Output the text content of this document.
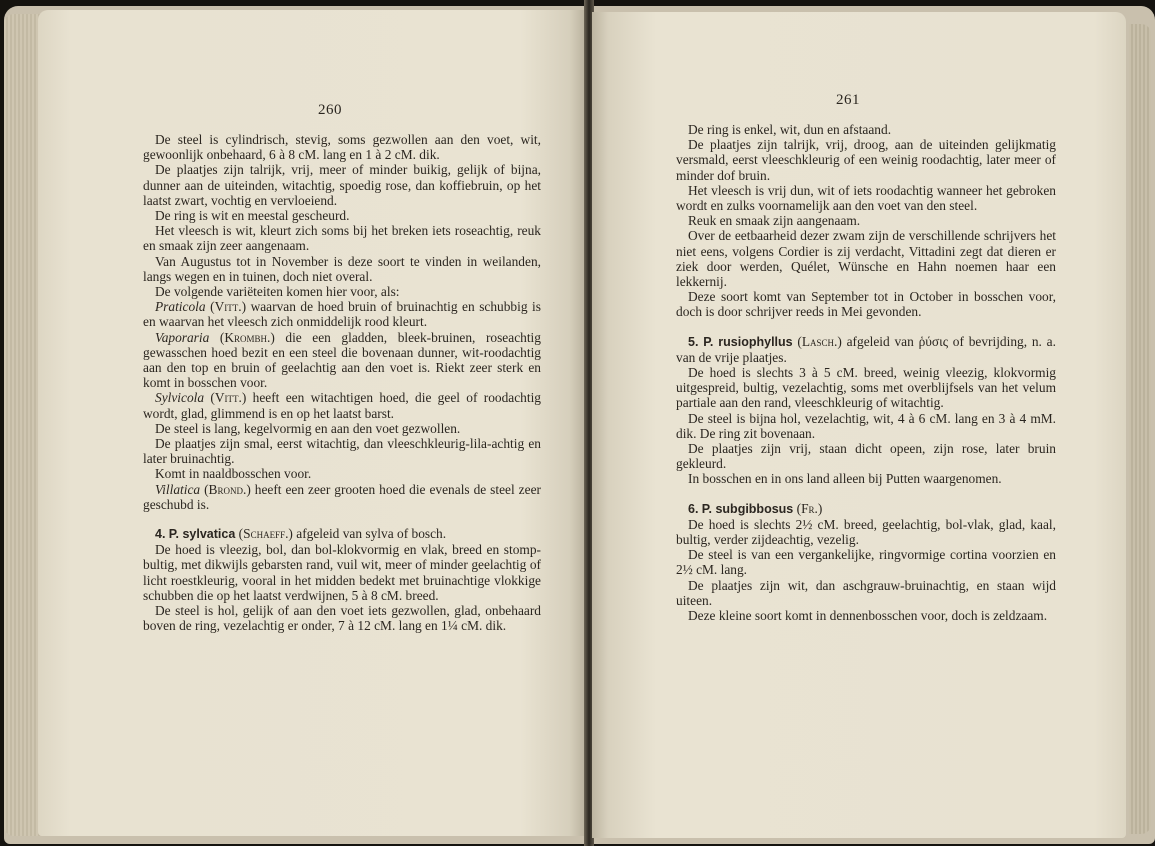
260

De steel is cylindrisch, stevig, soms gezwollen aan den voet, wit, gewoonlijk onbehaard, 6 à 8 cM. lang en 1 à 2 cM. dik.

De plaatjes zijn talrijk, vrij, meer of minder buikig, gelijk of bijna, dunner aan de uiteinden, witachtig, spoedig rose, dan koffiebruin, op het laatst zwart, vochtig en vervloeiend.

De ring is wit en meestal gescheurd.

Het vleesch is wit, kleurt zich soms bij het breken iets roseachtig, reuk en smaak zijn zeer aangenaam.

Van Augustus tot in November is deze soort te vinden in weilanden, langs wegen en in tuinen, doch niet overal.

De volgende variëteiten komen hier voor, als:

Praticola (Vitt.) waarvan de hoed bruin of bruinachtig en schubbig is en waarvan het vleesch zich onmiddelijk rood kleurt.

Vaporaria (Krombh.) die een gladden, bleek-bruinen, roseachtig gewasschen hoed bezit en een steel die bovenaan dunner, wit-roodachtig aan den top en bruin of geelachtig aan den voet is. Riekt zeer sterk en komt in bosschen voor.

Sylvicola (Vitt.) heeft een witachtigen hoed, die geel of roodachtig wordt, glad, glimmend is en op het laatst barst.

De steel is lang, kegelvormig en aan den voet gezwollen.

De plaatjes zijn smal, eerst witachtig, dan vleeschkleurig-lila-achtig en later bruinachtig.

Komt in naaldbosschen voor.

Villatica (Brond.) heeft een zeer grooten hoed die evenals de steel zeer geschubd is.

4. P. sylvatica (Schaeff.) afgeleid van sylva of bosch.

De hoed is vleezig, bol, dan bol-klokvormig en vlak, breed en stomp-bultig, met dikwijls gebarsten rand, vuil wit, meer of minder geelachtig of licht roestkleurig, vooral in het midden bedekt met bruinachtige vlokkige schubben die op het laatst verdwijnen, 5 à 8 cM. breed.

De steel is hol, gelijk of aan den voet iets gezwollen, glad, onbehaard boven de ring, vezelachtig er onder, 7 à 12 cM. lang en 1¼ cM. dik.

261

De ring is enkel, wit, dun en afstaand.

De plaatjes zijn talrijk, vrij, droog, aan de uiteinden gelijkmatig versmald, eerst vleeschkleurig of een weinig roodachtig, later meer of minder dof bruin.

Het vleesch is vrij dun, wit of iets roodachtig wanneer het gebroken wordt en zulks voornamelijk aan den voet van den steel.

Reuk en smaak zijn aangenaam.

Over de eetbaarheid dezer zwam zijn de verschillende schrijvers het niet eens, volgens Cordier is zij verdacht, Vittadini zegt dat dieren er ziek door werden, Quélet, Wünsche en Hahn noemen haar een lekkernij.

Deze soort komt van September tot in October in bosschen voor, doch is door schrijver reeds in Mei gevonden.

5. P. rusiophyllus (Lasch.) afgeleid van ῥύσις of bevrijding, n. a. van de vrije plaatjes.

De hoed is slechts 3 à 5 cM. breed, weinig vleezig, klokvormig uitgespreid, bultig, vezelachtig, soms met overblijfsels van het velum partiale aan den rand, vleeschkleurig of witachtig.

De steel is bijna hol, vezelachtig, wit, 4 à 6 cM. lang en 3 à 4 mM. dik. De ring zit bovenaan.

De plaatjes zijn vrij, staan dicht opeen, zijn rose, later bruin gekleurd.

In bosschen en in ons land alleen bij Putten waargenomen.

6. P. subgibbosus (Fr.)

De hoed is slechts 2½ cM. breed, geelachtig, bol-vlak, glad, kaal, bultig, verder zijdeachtig, vezelig.

De steel is van een vergankelijke, ringvormige cortina voorzien en 2½ cM. lang.

De plaatjes zijn wit, dan aschgrauw-bruinachtig, en staan wijd uiteen.

Deze kleine soort komt in dennenbosschen voor, doch is zeldzaam.
